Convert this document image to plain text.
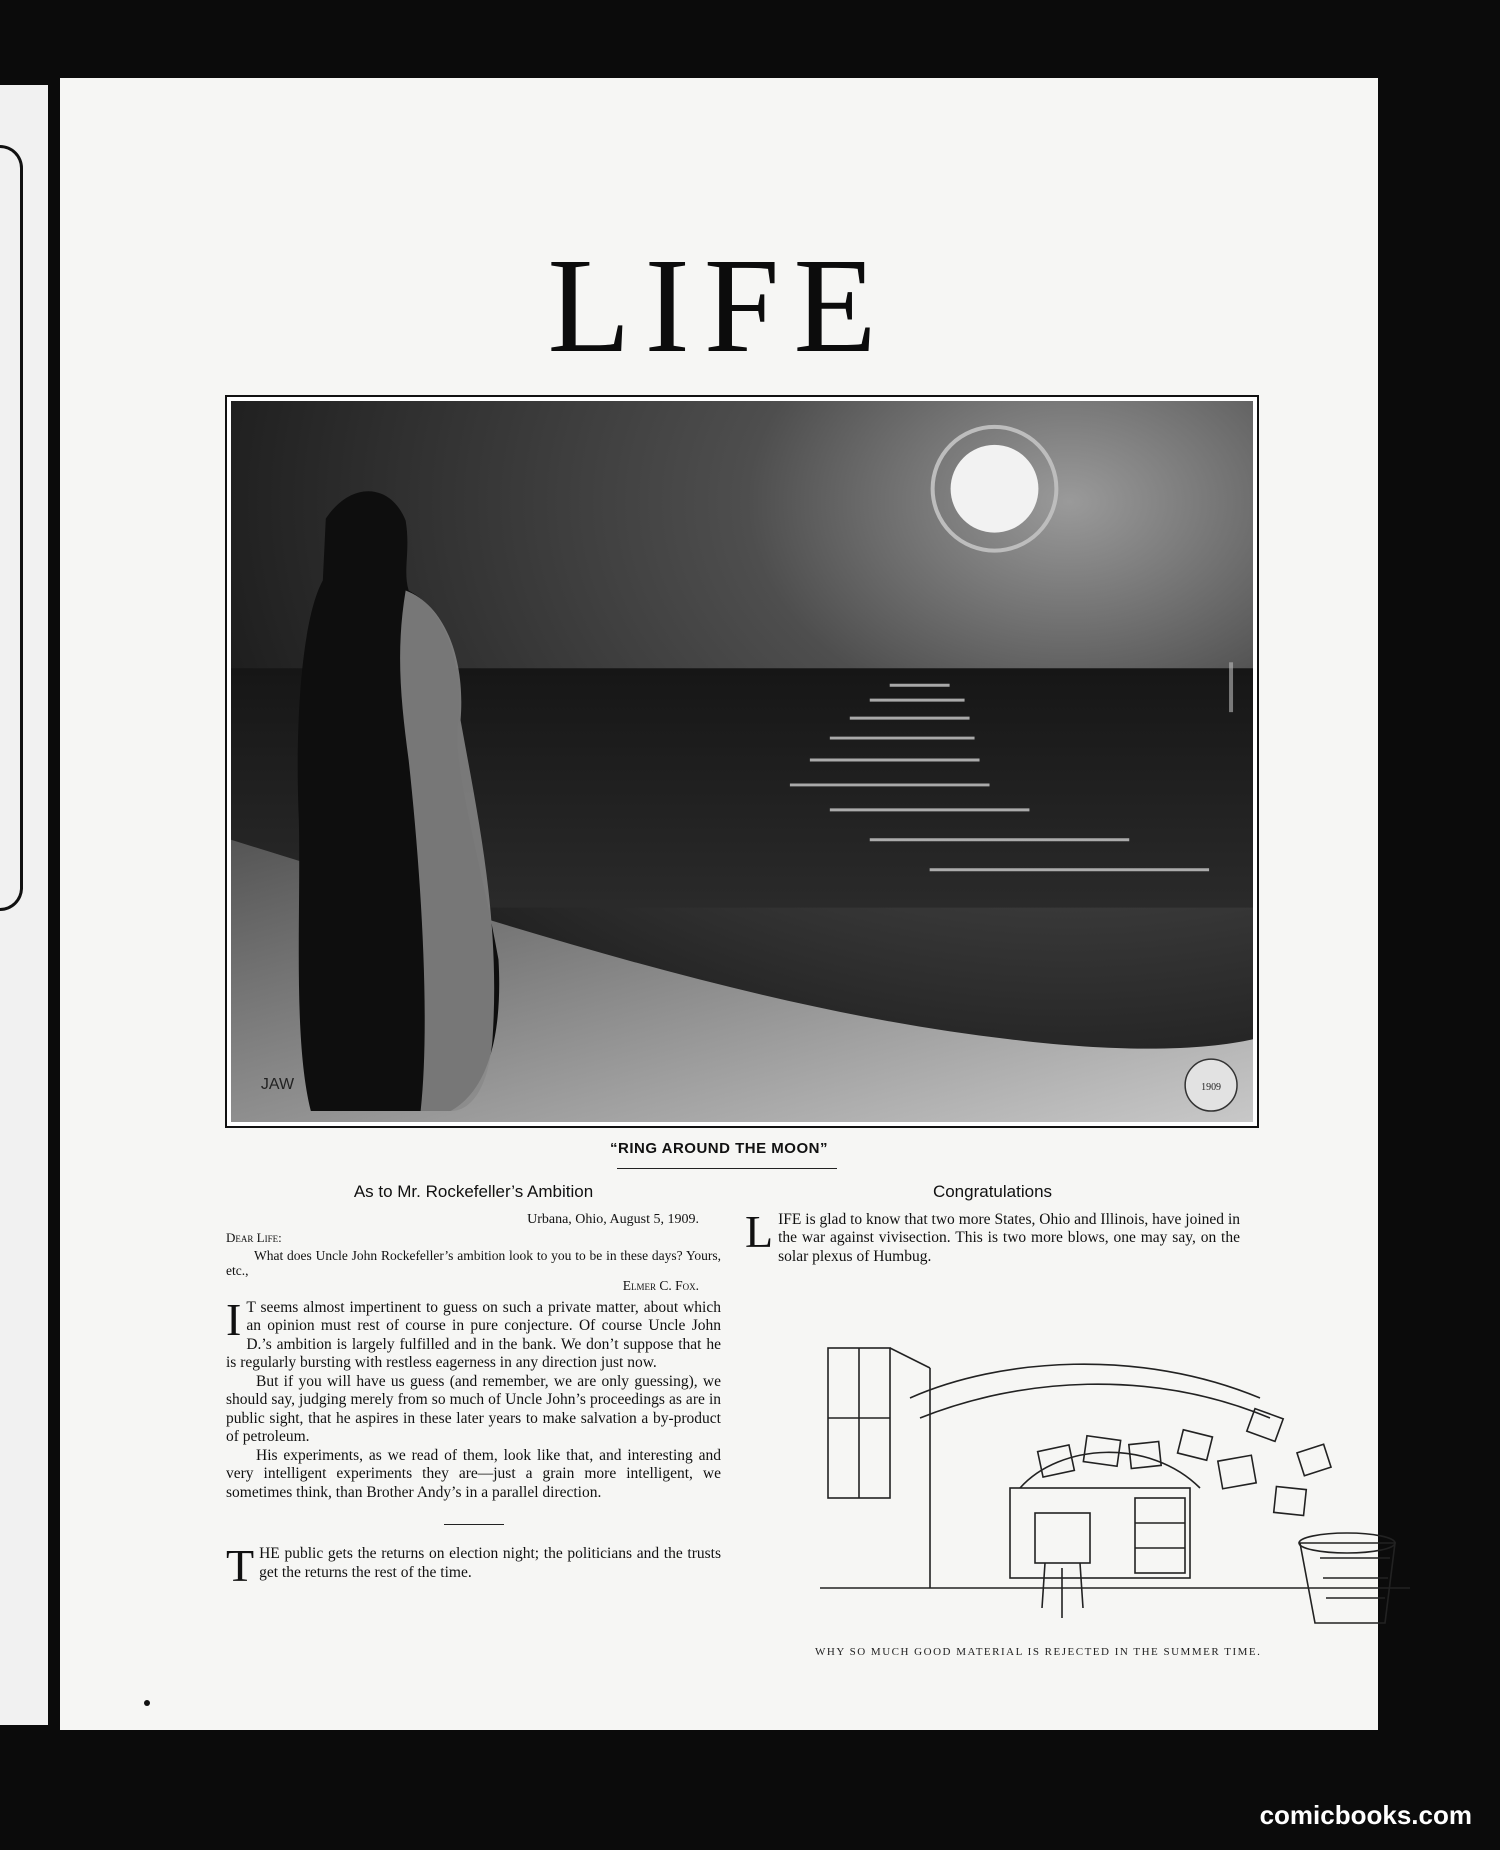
LIFE
JAW	1909
“RING AROUND THE MOON”
As to Mr. Rockefeller’s Ambition

Urbana, Ohio, August 5, 1909.

Dear Life:

What does Uncle John Rockefeller’s ambition look to you to be in these days? Yours, etc.,

Elmer C. Fox.

I T seems almost impertinent to guess on such a private matter, about which an opinion must rest of course in pure conjecture. Of course Uncle John D.’s ambition is largely fulfilled and in the bank. We don’t suppose that he is regularly bursting with restless eagerness in any direction just now.

But if you will have us guess (and remember, we are only guessing), we should say, judging merely from so much of Uncle John’s proceedings as are in public sight, that he aspires in these later years to make salvation a by-product of petroleum.

His experiments, as we read of them, look like that, and interesting and very intelligent experiments they are—just a grain more intelligent, we sometimes think, than Brother Andy’s in a parallel direction.

THE public gets the returns on election night; the politicians and the trusts get the returns the rest of the time.

Congratulations

LIFE is glad to know that two more States, Ohio and Illinois, have joined in the war against vivisection. This is two more blows, one may say, on the solar plexus of Humbug.

WHY SO MUCH GOOD MATERIAL IS REJECTED IN THE SUMMER TIME.
comicbooks.com
